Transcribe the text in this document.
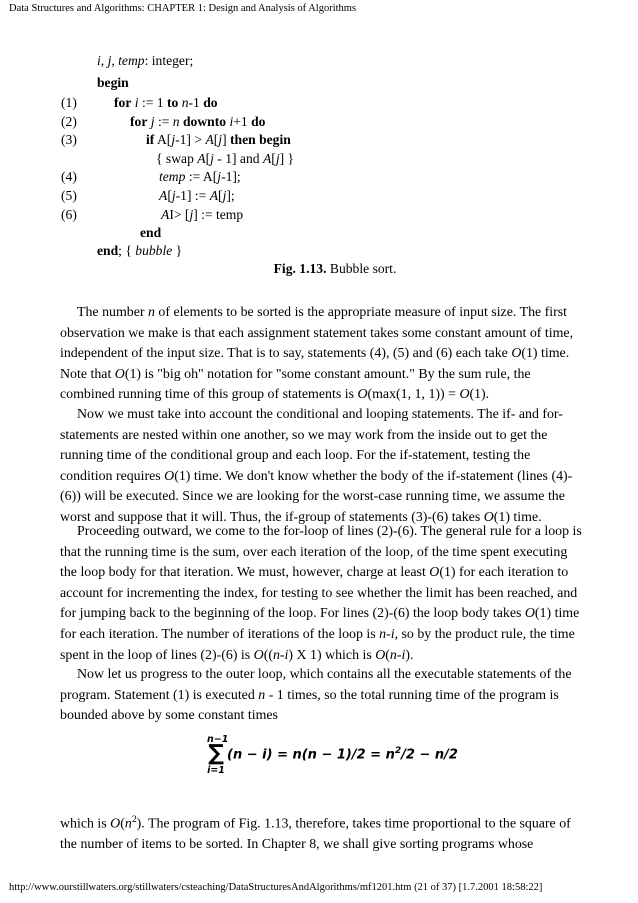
Data Structures and Algorithms: CHAPTER 1: Design and Analysis of Algorithms
i, j, temp: integer;
begin
(1)	for i := 1 to n-1 do
(2)	for j := n downto i+1 do
(3)	if A[j-1] > A[j] then begin
{ swap A[j - 1] and A[j] }
(4)	temp := A[j-1];
(5)	A[j-1] := A[j];
(6)	AI> [j] := temp
end
end; { bubble }
Fig. 1.13. Bubble sort.

The number n of elements to be sorted is the appropriate measure of input size. The first observation we make is that each assignment statement takes some constant amount of time, independent of the input size. That is to say, statements (4), (5) and (6) each take O(1) time. Note that O(1) is "big oh" notation for "some constant amount." By the sum rule, the combined running time of this group of statements is O(max(1, 1, 1)) = O(1).

Now we must take into account the conditional and looping statements. The if- and for-statements are nested within one another, so we may work from the inside out to get the running time of the conditional group and each loop. For the if-statement, testing the condition requires O(1) time. We don't know whether the body of the if-statement (lines (4)-(6)) will be executed. Since we are looking for the worst-case running time, we assume the worst and suppose that it will. Thus, the if-group of statements (3)-(6) takes O(1) time.

Proceeding outward, we come to the for-loop of lines (2)-(6). The general rule for a loop is that the running time is the sum, over each iteration of the loop, of the time spent executing the loop body for that iteration. We must, however, charge at least O(1) for each iteration to account for incrementing the index, for testing to see whether the limit has been reached, and for jumping back to the beginning of the loop. For lines (2)-(6) the loop body takes O(1) time for each iteration. The number of iterations of the loop is n-i, so by the product rule, the time spent in the loop of lines (2)-(6) is O((n-i) X 1) which is O(n-i).

Now let us progress to the outer loop, which contains all the executable statements of the program. Statement (1) is executed n - 1 times, so the total running time of the program is bounded above by some constant times

n−1
∑
i=1
$(n - i) = n(n - 1)/2 = n^2/2 - n/2$

which is $O(n^2)$. The program of Fig. 1.13, therefore, takes time proportional to the square of the number of items to be sorted. In Chapter 8, we shall give sorting programs whose

http://www.ourstillwaters.org/stillwaters/csteaching/DataStructuresAndAlgorithms/mf1201.htm (21 of 37) [1.7.2001 18:58:22]
